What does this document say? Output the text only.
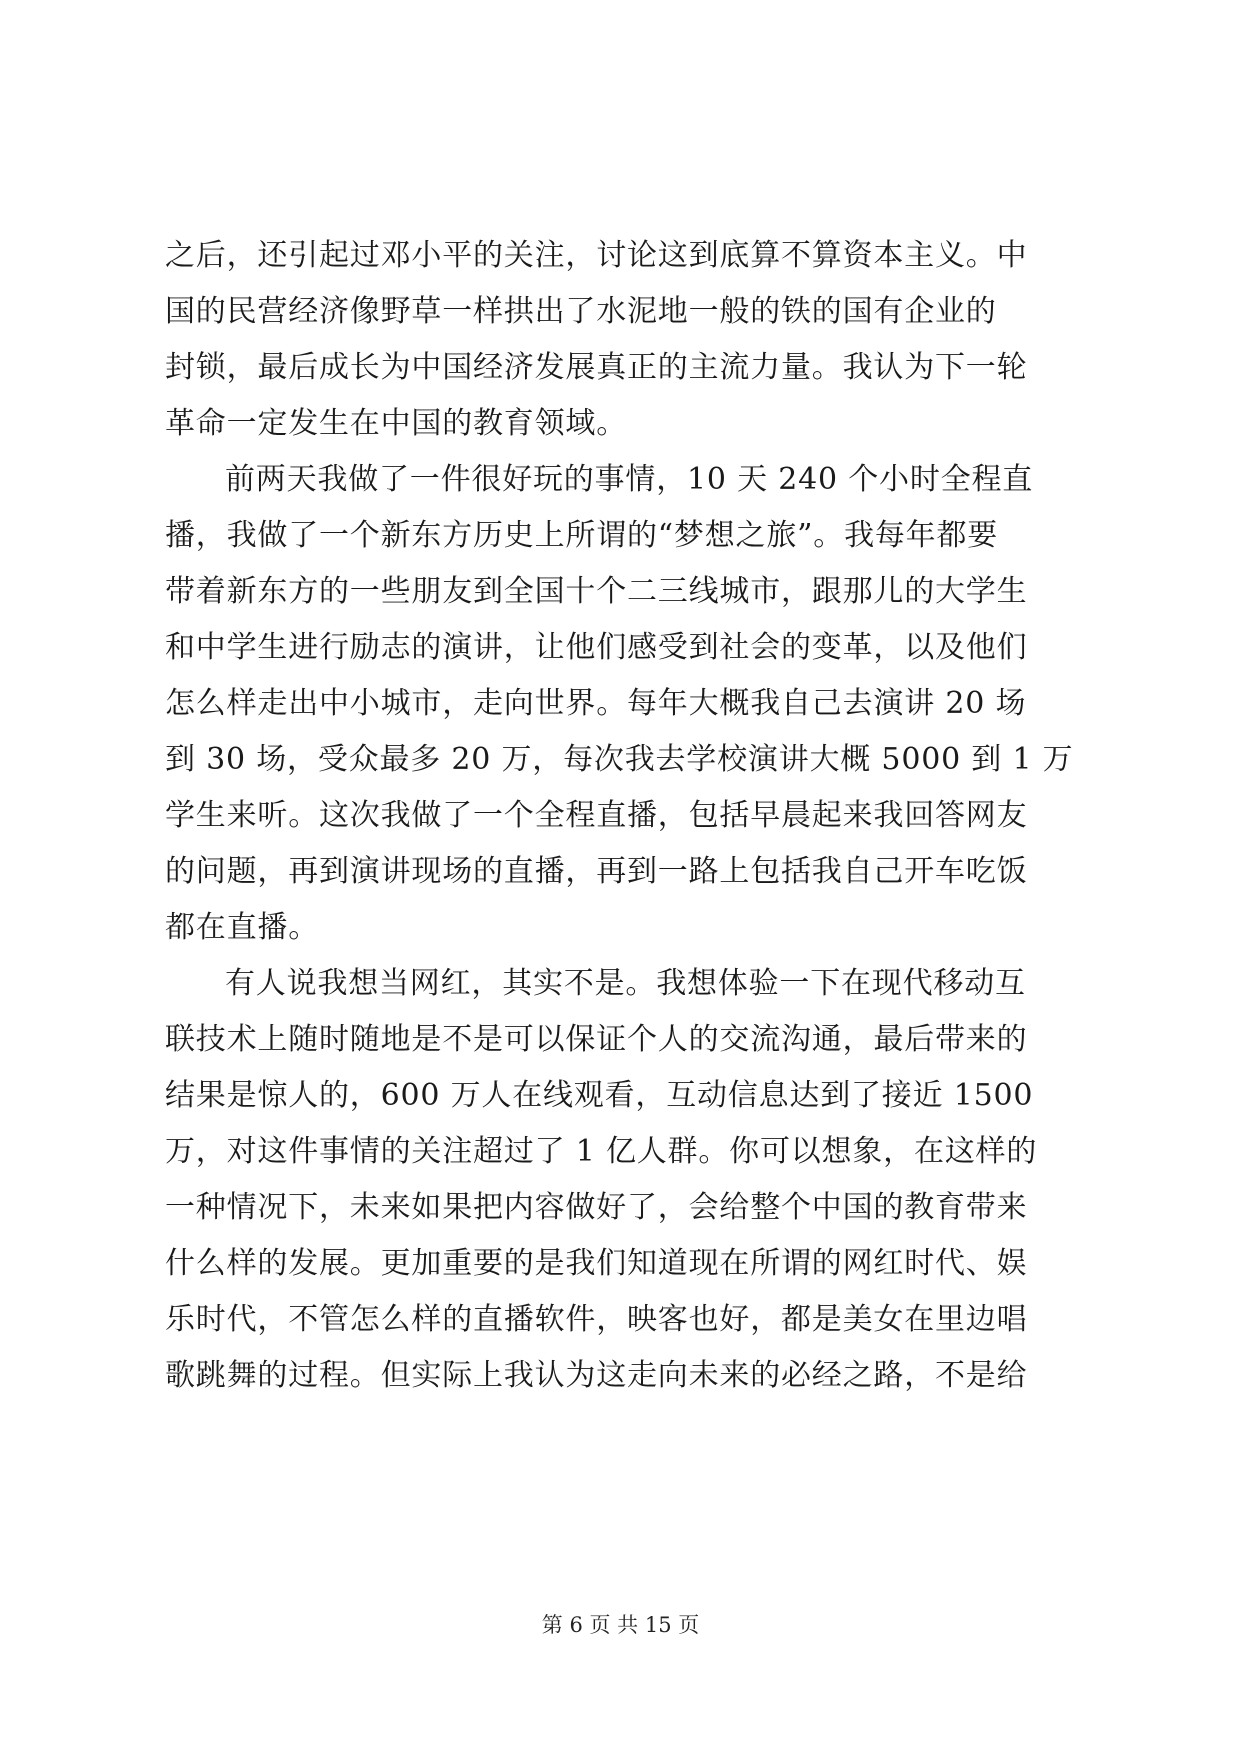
之后，还引起过邓小平的关注，讨论这到底算不算资本主义。中
国的民营经济像野草一样拱出了水泥地一般的铁的国有企业的
封锁，最后成长为中国经济发展真正的主流力量。我认为下一轮
革命一定发生在中国的教育领域。
前两天我做了一件很好玩的事情，10 天 240 个小时全程直
播，我做了一个新东方历史上所谓的“梦想之旅”。我每年都要
带着新东方的一些朋友到全国十个二三线城市，跟那儿的大学生
和中学生进行励志的演讲，让他们感受到社会的变革，以及他们
怎么样走出中小城市，走向世界。每年大概我自己去演讲 20 场
到 30 场，受众最多 20 万，每次我去学校演讲大概 5000 到 1 万
学生来听。这次我做了一个全程直播，包括早晨起来我回答网友
的问题，再到演讲现场的直播，再到一路上包括我自己开车吃饭
都在直播。
有人说我想当网红，其实不是。我想体验一下在现代移动互
联技术上随时随地是不是可以保证个人的交流沟通，最后带来的
结果是惊人的，600 万人在线观看，互动信息达到了接近 1500
万，对这件事情的关注超过了 1 亿人群。你可以想象，在这样的
一种情况下，未来如果把内容做好了，会给整个中国的教育带来
什么样的发展。更加重要的是我们知道现在所谓的网红时代、娱
乐时代，不管怎么样的直播软件，映客也好，都是美女在里边唱
歌跳舞的过程。但实际上我认为这走向未来的必经之路，不是给
第 6 页 共 15 页
